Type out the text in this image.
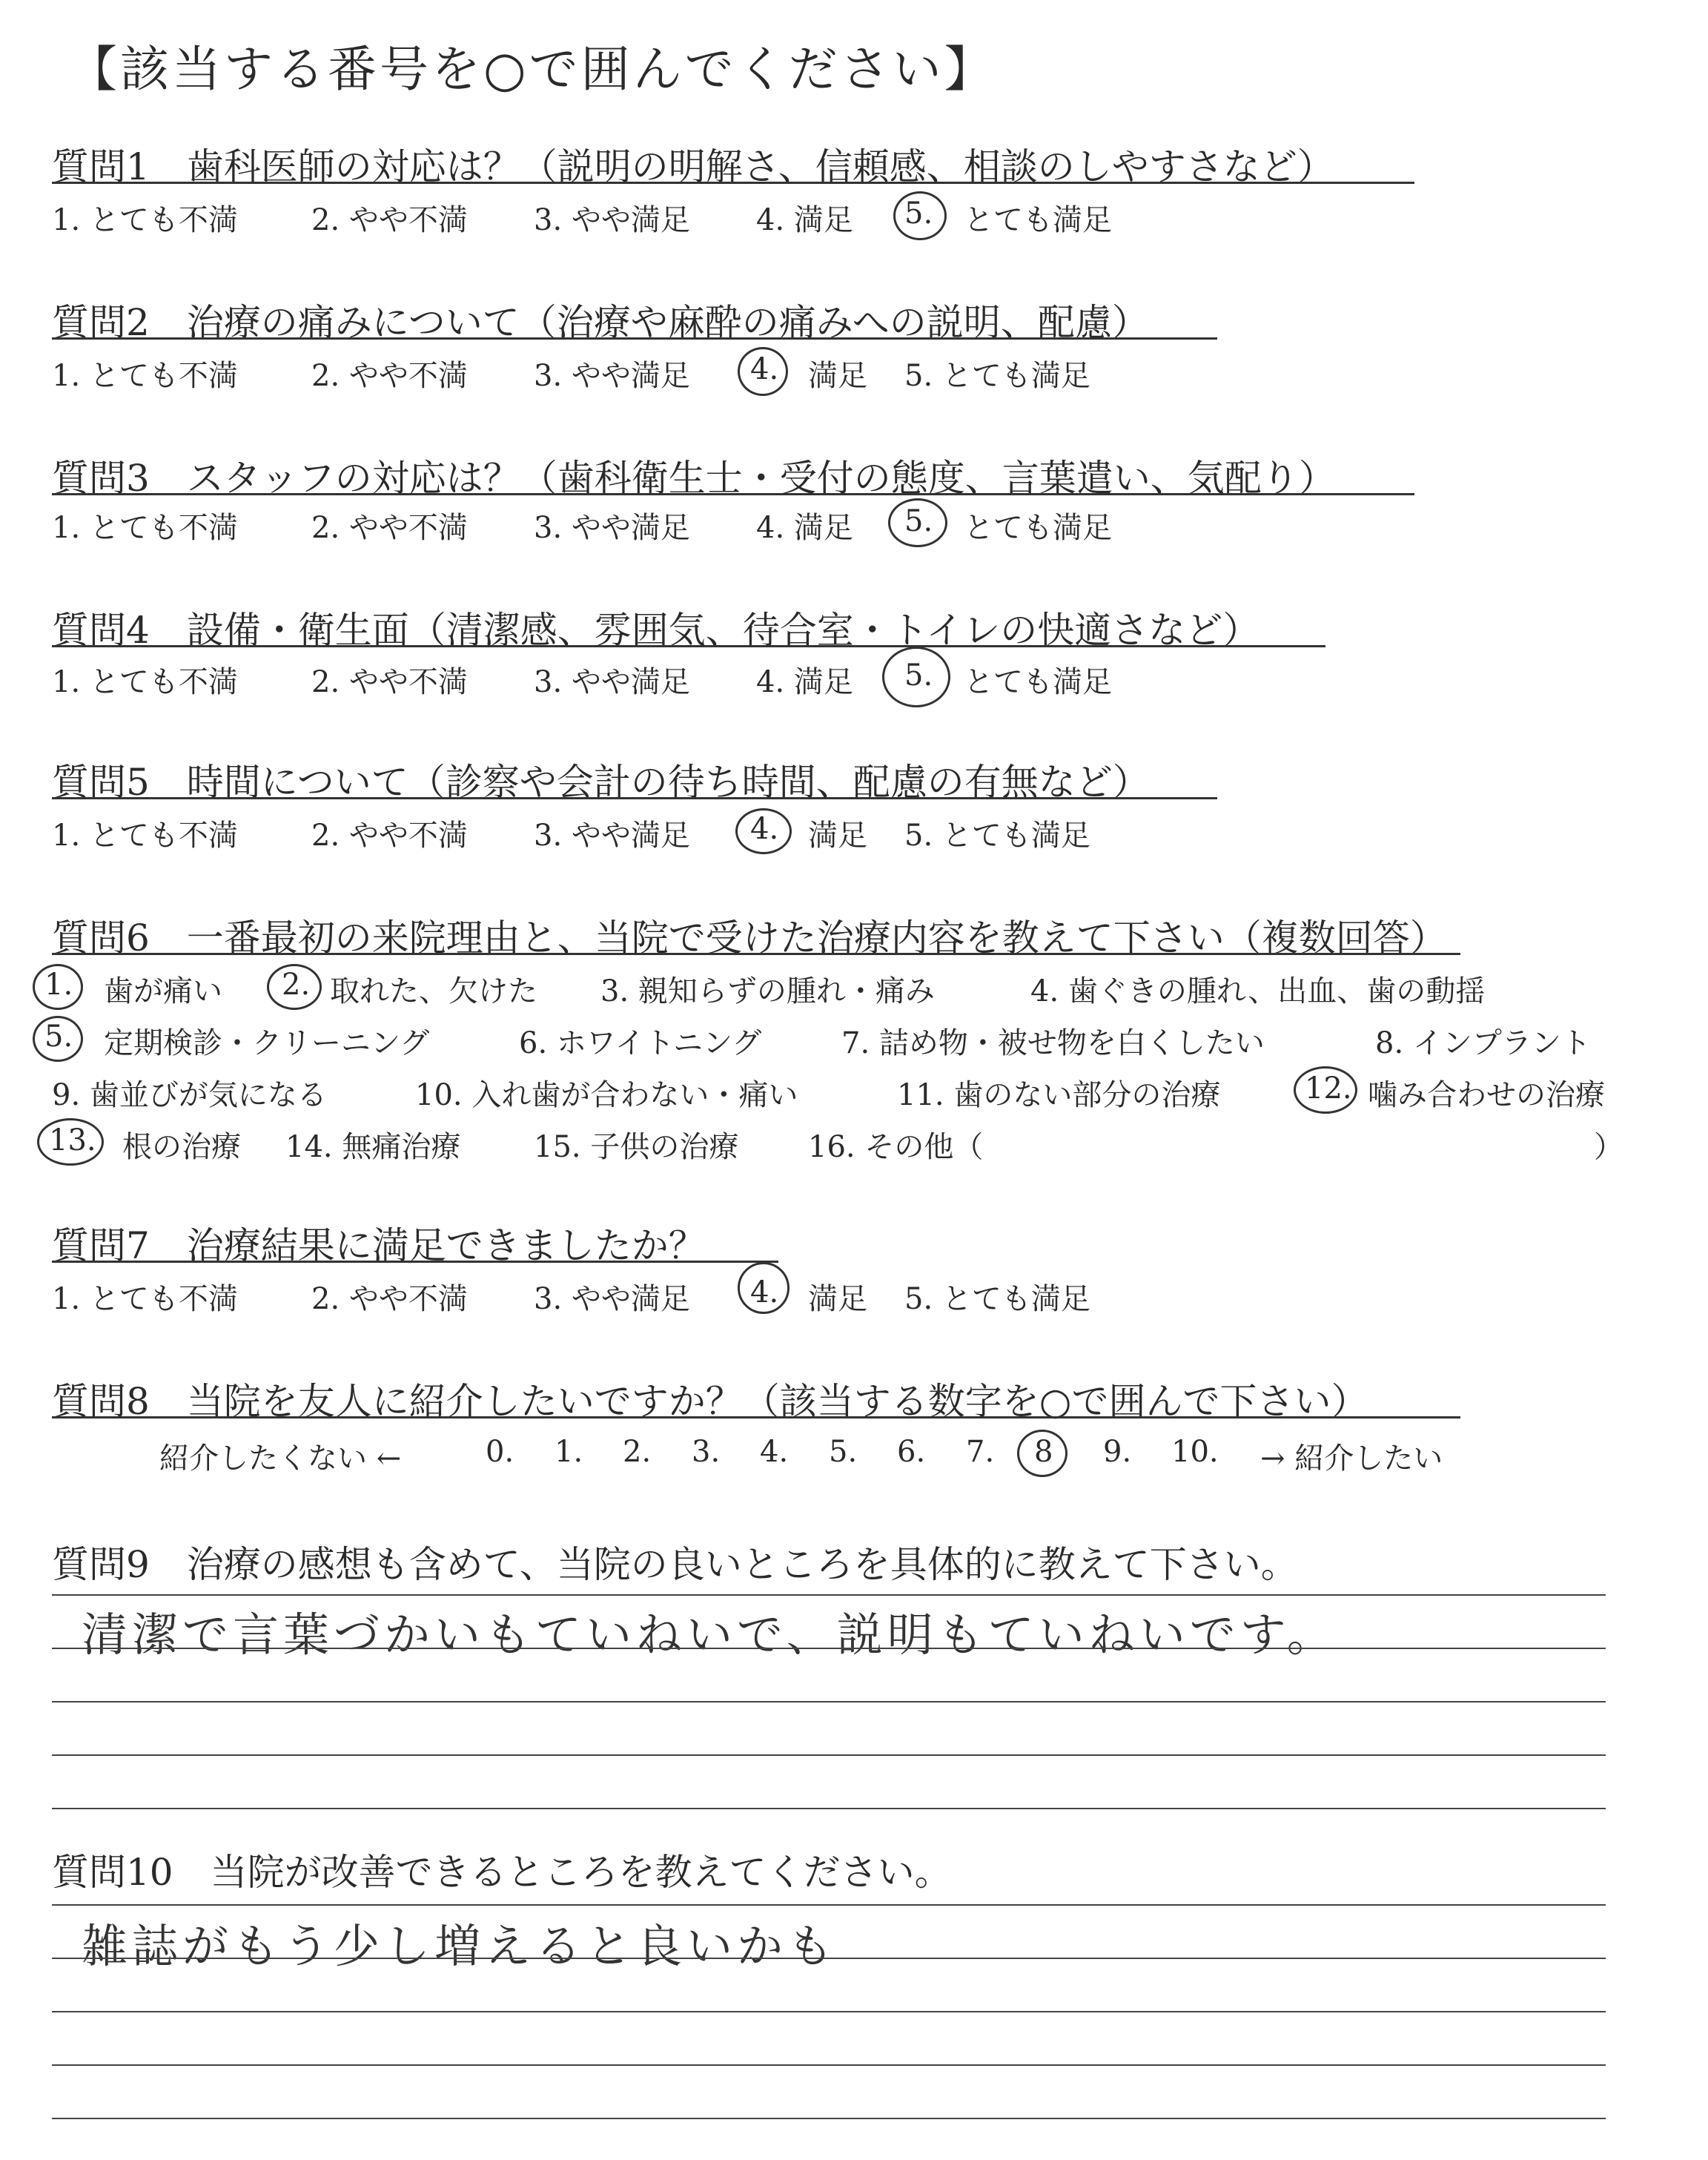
【該当する番号を○で囲んでください】
質問1　歯科医師の対応は？（説明の明解さ、信頼感、相談のしやすさなど）
1. とても不満 2. やや不満 3. やや満足 4. 満足 5. とても満足
質問2　治療の痛みについて（治療や麻酔の痛みへの説明、配慮）
1. とても不満 2. やや不満 3. やや満足 4. 満足 5. とても満足
質問3　スタッフの対応は？（歯科衛生士・受付の態度、言葉遣い、気配り）
1. とても不満 2. やや不満 3. やや満足 4. 満足 5. とても満足
質問4　設備・衛生面（清潔感、雰囲気、待合室・トイレの快適さなど）
1. とても不満 2. やや不満 3. やや満足 4. 満足 5. とても満足
質問5　時間について（診察や会計の待ち時間、配慮の有無など）
1. とても不満 2. やや不満 3. やや満足 4. 満足 5. とても満足
質問6　一番最初の来院理由と、当院で受けた治療内容を教えて下さい（複数回答）
1. 歯が痛い 2. 取れた、欠けた 3. 親知らずの腫れ・痛み	4. 歯ぐきの腫れ、出血、歯の動揺
5. 定期検診・クリーニング	6. ホワイトニング	7. 詰め物・被せ物を白くしたい	8. インプラント
9. 歯並びが気になる	10. 入れ歯が合わない・痛い	11. 歯のない部分の治療	12. 噛み合わせの治療
13. 根の治療 14. 無痛治療 15. 子供の治療 16. その他（	）
質問7　治療結果に満足できましたか？
1. とても不満 2. やや不満 3. やや満足 4. 満足 5. とても満足
質問8　当院を友人に紹介したいですか？（該当する数字を○で囲んで下さい）
紹介したくない ←	0. 1. 2. 3. 4. 5. 6. 7. 8 9. 10. → 紹介したい
質問9　治療の感想も含めて、当院の良いところを具体的に教えて下さい。
清潔で言葉づかいもていねいで、説明もていねいです。
質問10　当院が改善できるところを教えてください。
雑誌がもう少し増えると良いかも
